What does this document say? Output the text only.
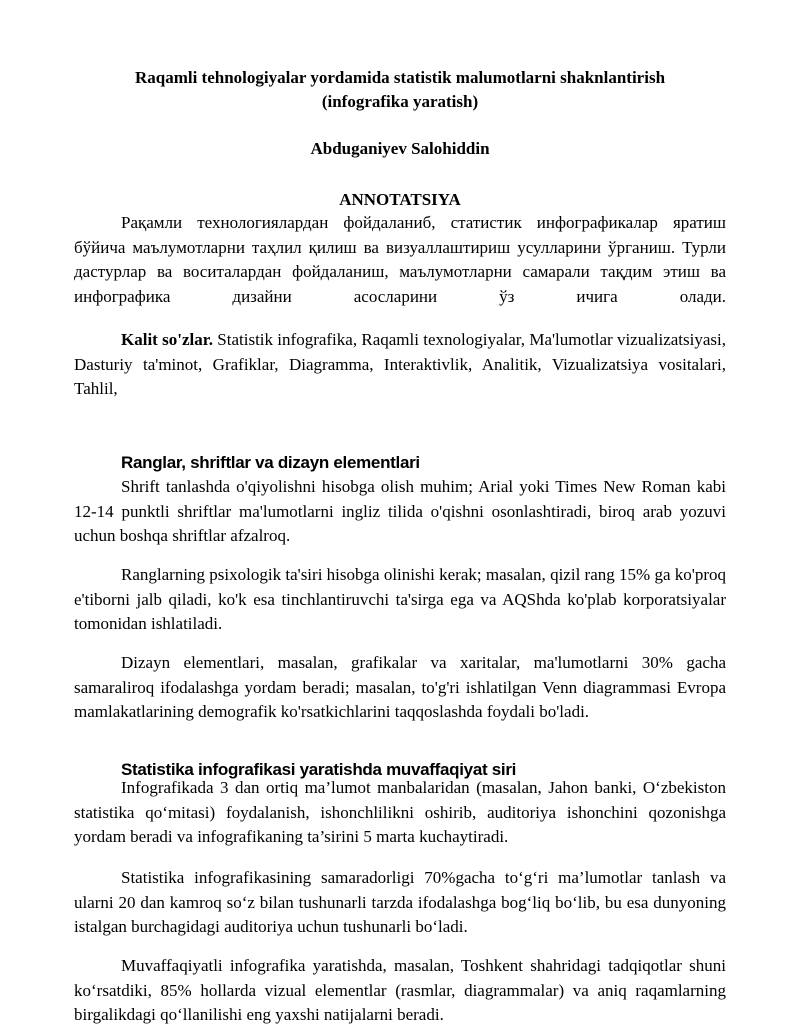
Raqamli tehnologiyalar yordamida statistik malumotlarni shaknlantirish
(infografika yaratish)
Abduganiyev Salohiddin
ANNOTATSIYA

Рақамли технологиялардан фойдаланиб, статистик инфографикалар яратиш бўйича маълумотларни таҳлил қилиш ва визуаллаштириш усулларини ўрганиш. Турли дастурлар ва воситалардан фойдаланиш, маълумотларни самарали тақдим этиш ва инфографика дизайни асосларини ўз ичига олади.

Kalit so'zlar. Statistik infografika, Raqamli texnologiyalar, Ma'lumotlar vizualizatsiyasi, Dasturiy ta'minot, Grafiklar, Diagramma, Interaktivlik, Analitik, Vizualizatsiya vositalari, Tahlil,

Ranglar, shriftlar va dizayn elementlari

Shrift tanlashda o'qiyolishni hisobga olish muhim; Arial yoki Times New Roman kabi 12-14 punktli shriftlar ma'lumotlarni ingliz tilida o'qishni osonlashtiradi, biroq arab yozuvi uchun boshqa shriftlar afzalroq.

Ranglarning psixologik ta'siri hisobga olinishi kerak; masalan, qizil rang 15% ga ko'proq e'tiborni jalb qiladi, ko'k esa tinchlantiruvchi ta'sirga ega va AQShda ko'plab korporatsiyalar tomonidan ishlatiladi.

Dizayn elementlari, masalan, grafikalar va xaritalar, ma'lumotlarni 30% gacha samaraliroq ifodalashga yordam beradi; masalan, to'g'ri ishlatilgan Venn diagrammasi Evropa mamlakatlarining demografik ko'rsatkichlarini taqqoslashda foydali bo'ladi.

Statistika infografikasi yaratishda muvaffaqiyat siri

Infografikada 3 dan ortiq ma’lumot manbalaridan (masalan, Jahon banki, O‘zbekiston statistika qo‘mitasi) foydalanish, ishonchlilikni oshirib, auditoriya ishonchini qozonishga yordam beradi va infografikaning ta’sirini 5 marta kuchaytiradi.

Statistika infografikasining samaradorligi 70%gacha to‘g‘ri ma’lumotlar tanlash va ularni 20 dan kamroq so‘z bilan tushunarli tarzda ifodalashga bog‘liq bo‘lib, bu esa dunyoning istalgan burchagidagi auditoriya uchun tushunarli bo‘ladi.

Muvaffaqiyatli infografika yaratishda, masalan, Toshkent shahridagi tadqiqotlar shuni ko‘rsatdiki, 85% hollarda vizual elementlar (rasmlar, diagrammalar) va aniq raqamlarning birgalikdagi qo‘llanilishi eng yaxshi natijalarni beradi.
